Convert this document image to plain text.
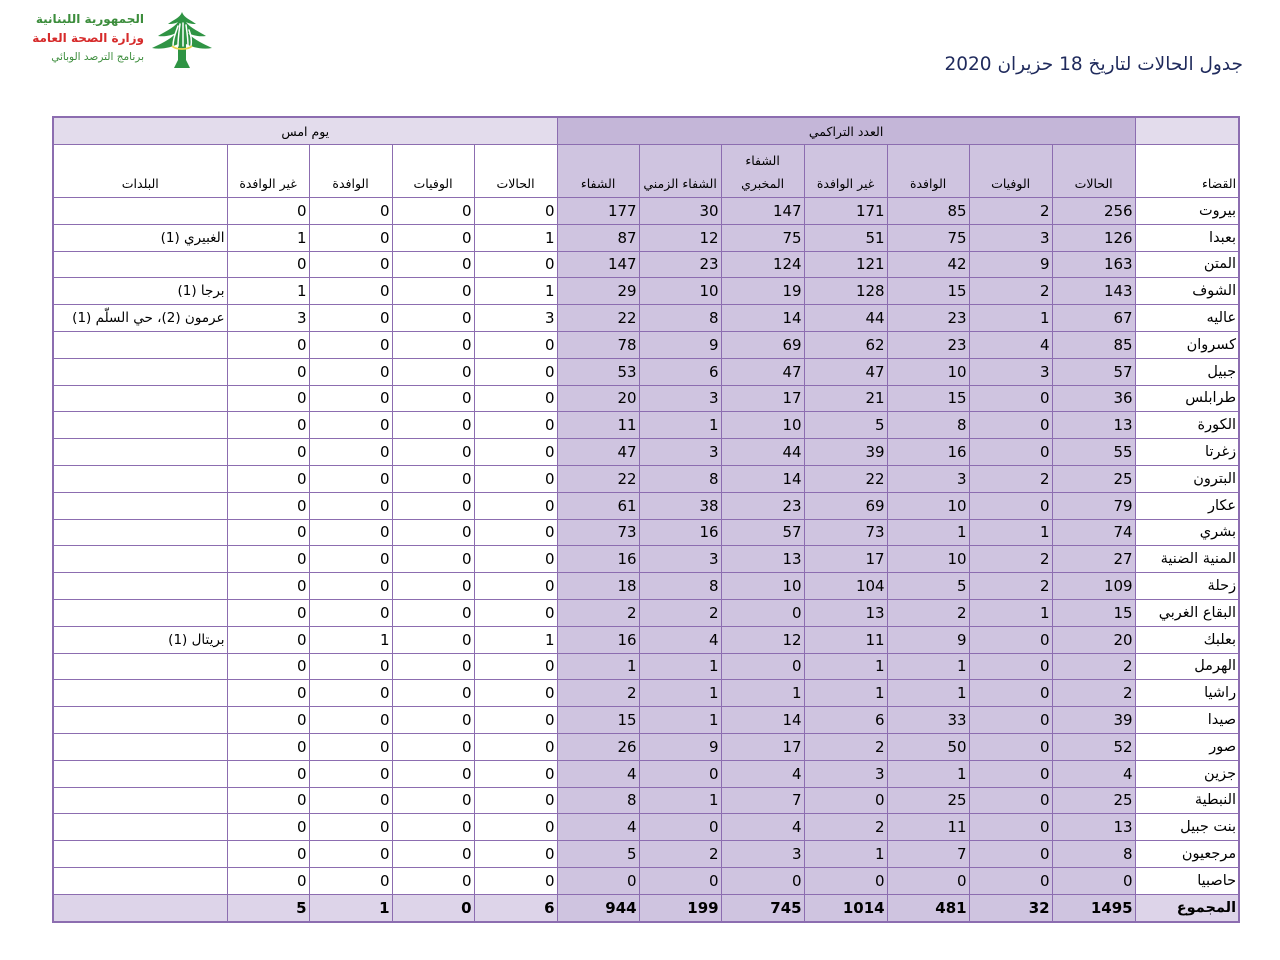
الجمهورية اللبنانية
وزارة الصحة العامة
برنامج الترصد الوبائي	جدول الحالات لتاريخ 18 حزيران 2020
	العدد التراكمي							يوم امس				
القضاء	الحالات	الوفيات	الوافدة	غير الوافدة	الشفاء المخبري	الشفاء الزمني	الشفاء	الحالات	الوفيات	الوافدة	غير الوافدة	البلدات
بيروت	256	2	85	171	147	30	177	0	0	0	0	
بعبدا	126	3	75	51	75	12	87	1	0	0	1	الغبيري (1)
المتن	163	9	42	121	124	23	147	0	0	0	0	
الشوف	143	2	15	128	19	10	29	1	0	0	1	برجا (1)
عاليه	67	1	23	44	14	8	22	3	0	0	3	عرمون (2)، حي السلّم (1)
كسروان	85	4	23	62	69	9	78	0	0	0	0	
جبيل	57	3	10	47	47	6	53	0	0	0	0	
طرابلس	36	0	15	21	17	3	20	0	0	0	0	
الكورة	13	0	8	5	10	1	11	0	0	0	0	
زغرتا	55	0	16	39	44	3	47	0	0	0	0	
البترون	25	2	3	22	14	8	22	0	0	0	0	
عكار	79	0	10	69	23	38	61	0	0	0	0	
بشري	74	1	1	73	57	16	73	0	0	0	0	
المنية الضنية	27	2	10	17	13	3	16	0	0	0	0	
زحلة	109	2	5	104	10	8	18	0	0	0	0	
البقاع الغربي	15	1	2	13	0	2	2	0	0	0	0	
بعلبك	20	0	9	11	12	4	16	1	0	1	0	بريتال (1)
الهرمل	2	0	1	1	0	1	1	0	0	0	0	
راشيا	2	0	1	1	1	1	2	0	0	0	0	
صيدا	39	0	33	6	14	1	15	0	0	0	0	
صور	52	0	50	2	17	9	26	0	0	0	0	
جزين	4	0	1	3	4	0	4	0	0	0	0	
النبطية	25	0	25	0	7	1	8	0	0	0	0	
بنت جبيل	13	0	11	2	4	0	4	0	0	0	0	
مرجعيون	8	0	7	1	3	2	5	0	0	0	0	
حاصبيا	0	0	0	0	0	0	0	0	0	0	0	
المجموع	1495	32	481	1014	745	199	944	6	0	1	5	
